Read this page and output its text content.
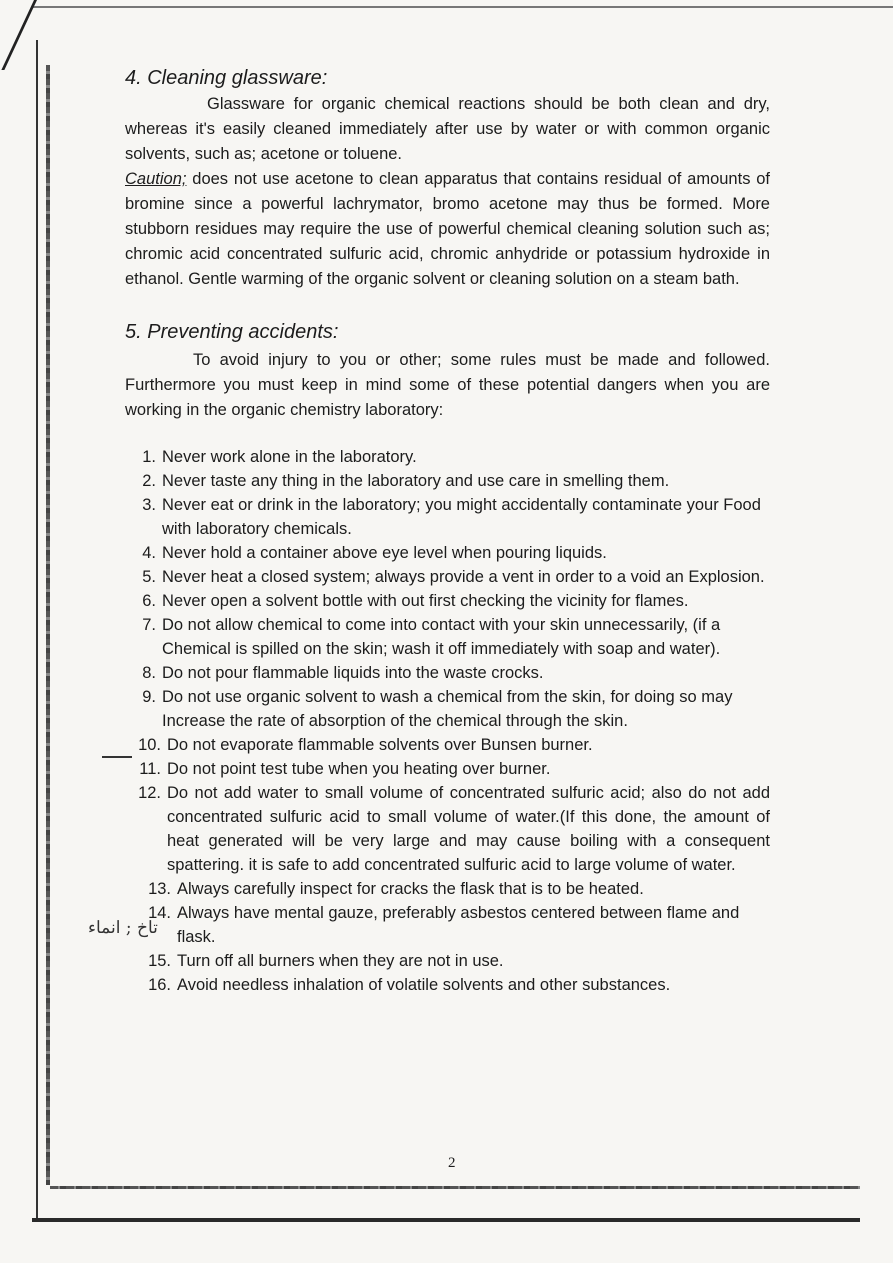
4. Cleaning glassware:

Glassware for organic chemical reactions should be both clean and dry, whereas it's easily cleaned immediately after use by water or with common organic solvents, such as; acetone or toluene.

Caution; does not use acetone to clean apparatus that contains residual of amounts of bromine since a powerful lachrymator, bromo acetone may thus be formed. More stubborn residues may require the use of powerful chemical cleaning solution such as; chromic acid concentrated sulfuric acid, chromic anhydride or potassium hydroxide in ethanol. Gentle warming of the organic solvent or cleaning solution on a steam bath.

5. Preventing accidents:

To avoid injury to you or other; some rules must be made and followed. Furthermore you must keep in mind some of these potential dangers when you are working in the organic chemistry laboratory:

1. Never work alone in the laboratory.
2. Never taste any thing in the laboratory and use care in smelling them.
3. Never eat or drink in the laboratory; you might accidentally contaminate your Food with laboratory chemicals.
4. Never hold a container above eye level when pouring liquids.
5. Never heat a closed system; always provide a vent in order to a void an Explosion.
6. Never open a solvent bottle with out first checking the vicinity for flames.
7. Do not allow chemical to come into contact with your skin unnecessarily, (if a Chemical is spilled on the skin; wash it off immediately with soap and water).
8. Do not pour flammable liquids into the waste crocks.
9. Do not use organic solvent to wash a chemical from the skin, for doing so may Increase the rate of absorption of the chemical through the skin.
10. Do not evaporate flammable solvents over Bunsen burner.
11. Do not point test tube when you heating over burner.
12. Do not add water to small volume of concentrated sulfuric acid; also do not add concentrated sulfuric acid to small volume of water.(If this done, the amount of heat generated will be very large and may cause boiling with a consequent spattering. it is safe to add concentrated sulfuric acid to large volume of water.
13. Always carefully inspect for cracks the flask that is to be heated.
14. Always have mental gauze, preferably asbestos centered between flame and flask.
15. Turn off all burners when they are not in use.
16. Avoid needless inhalation of volatile solvents and other substances.
تاخ ; انماء
2
